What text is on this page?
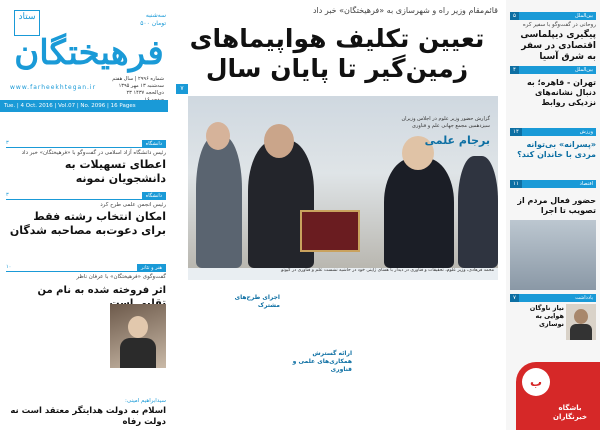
ستاد	سه‌شنبه
۵۰۰ تومان
فرهیختگان
شماره ۲۹۹۶ | سال هفتم
سه‌شنبه ۱۳ مهر ۱۳۹۵
۲۳ ذی‌الحجه ۱۴۳۷

www.farheekhtegan.ir
Tue. | 4 Oct. 2016 | Vol.07 | No. 2096 | 16 Pages
دانشگاه
۳
رئیس دانشگاه آزاد اسلامی در گفت‌وگو با «فرهیختگان» خبر داد
اعطای تسهیلات به دانشجویان نمونه
دانشگاه
۳
رئیس انجمن علمی طرح کرد
امکان انتخاب رشته فقط برای دعوت‌به مصاحبه شدگان
هنر و تئاتر
۱۰
گفت‌وگوی «فرهیختگان» با عرفان ناظر
اثر فروخته شده به نام من
سیدابراهیم امینی:
اسلام به دولت هدایتگر معتقد است نه دولت رفاه
قائم‌مقام وزیر راه و شهرسازی به «فرهیختگان» خبر داد
تعیین تکلیف هواپیماهای
زمین‌گیر تا پایان سال
۷
گزارش حضور وزیر علوم در اجلاس وزیران سیزدهمین مجمع جهانی علم و فناوری
برجام علمی
محمد فرهادی، وزیر علوم، تحقیقات و فناوری در دیدار با همتای ژاپنی خود در حاشیه نشست علم و فناوری در کیوتو
ارائه گسترش همکاری‌های علمی و فناوری
اجرای طرح‌های مشترک
۵	بین‌الملل
روحانی در گفت‌وگو با سفیر کره
پیگیری دیپلماسی اقتصادی در سفر به شرق آسیا
۴	بین‌الملل
تهران - قاهره؛ به دنبال نشانه‌های نزدیکی روابط
۱۴	ورزش
«پسرانه» بی‌توانه مردی با خاندان کند؟
۱۱	اقتصاد
حضور فعال مردم از تصویب تا اجرا
۷	یادداشت
نیاز ناوگان هوایی به نوسازی
ب
باشگاه خبرنگاران
